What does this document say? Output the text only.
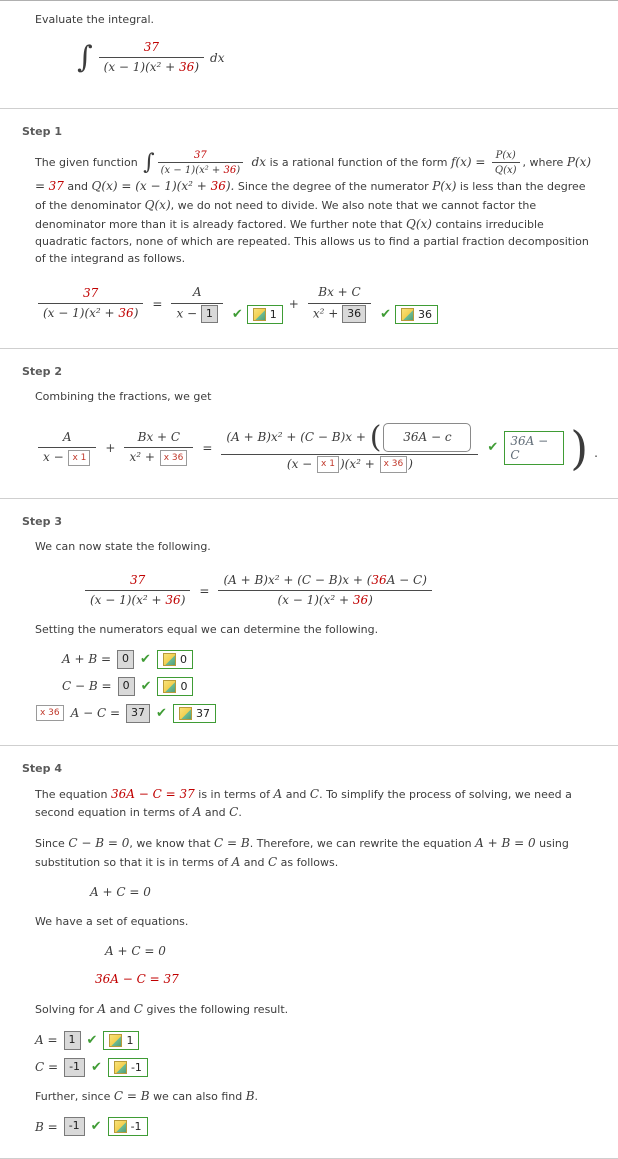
Evaluate the integral.

∫ $\frac{37}{\text{(x − 1)(x² + 36)}}$ dx
Step 1

The given function ∫ $\frac{37}{\text{(x − 1)(x² + 36)}}$ dx is a rational function of the form $f(x) = \frac{P(x)}{Q(x)}$ , where P(x) = 37 and Q(x) = (x − 1)(x² + 36). Since the degree of the numerator P(x) is less than the degree of the denominator Q(x), we do not need to divide. We also note that we cannot factor the denominator more than it is already factored. We further note that Q(x) contains irreducible quadratic factors, none of which are repeated. This allows us to find a partial fraction decomposition of the integrand as follows.

$\frac{37}{\text{(x − 1)(x² + 36)}} = \frac{A}{x - 1}$ ✔ 1
+ $\frac{Bx + C}{\text{x² + 36}}$ ✔ 36
Step 2

Combining the fractions, we get

$\frac{A}{x - x 1} + \frac{Bx + C}{\text{x² + x 36}} = \frac{\text{(A + B)x² + (C − B)x + ( 36A − c}}{\text{(x − x 1 )(x² + x 36 )}}$ ✔ 36A − C	) .
Step 3

We can now state the following.

$\frac{37}{\text{(x − 1)(x² + 36)}} = \frac{\text{(A + B)x² + (C − B)x + (36A − C)}}{\text{(x − 1)(x² + 36)}}$

Setting the numerators equal we can determine the following.

A + B =	0 ✔	0
C − B =	0 ✔	0
x 36 A − C =	37 ✔	37
Step 4

The equation 36A − C = 37 is in terms of A and C. To simplify the process of solving, we need a second equation in terms of A and C.

Since C − B = 0, we know that C = B. Therefore, we can rewrite the equation A + B = 0 using substitution so that it is in terms of A and C as follows.

A + C = 0

We have a set of equations.

A + C = 0
36A − C = 37

Solving for A and C gives the following result.

A =	1 ✔	1
C =	-1 ✔	-1

Further, since C = B we can also find B.

B =	-1 ✔	-1
